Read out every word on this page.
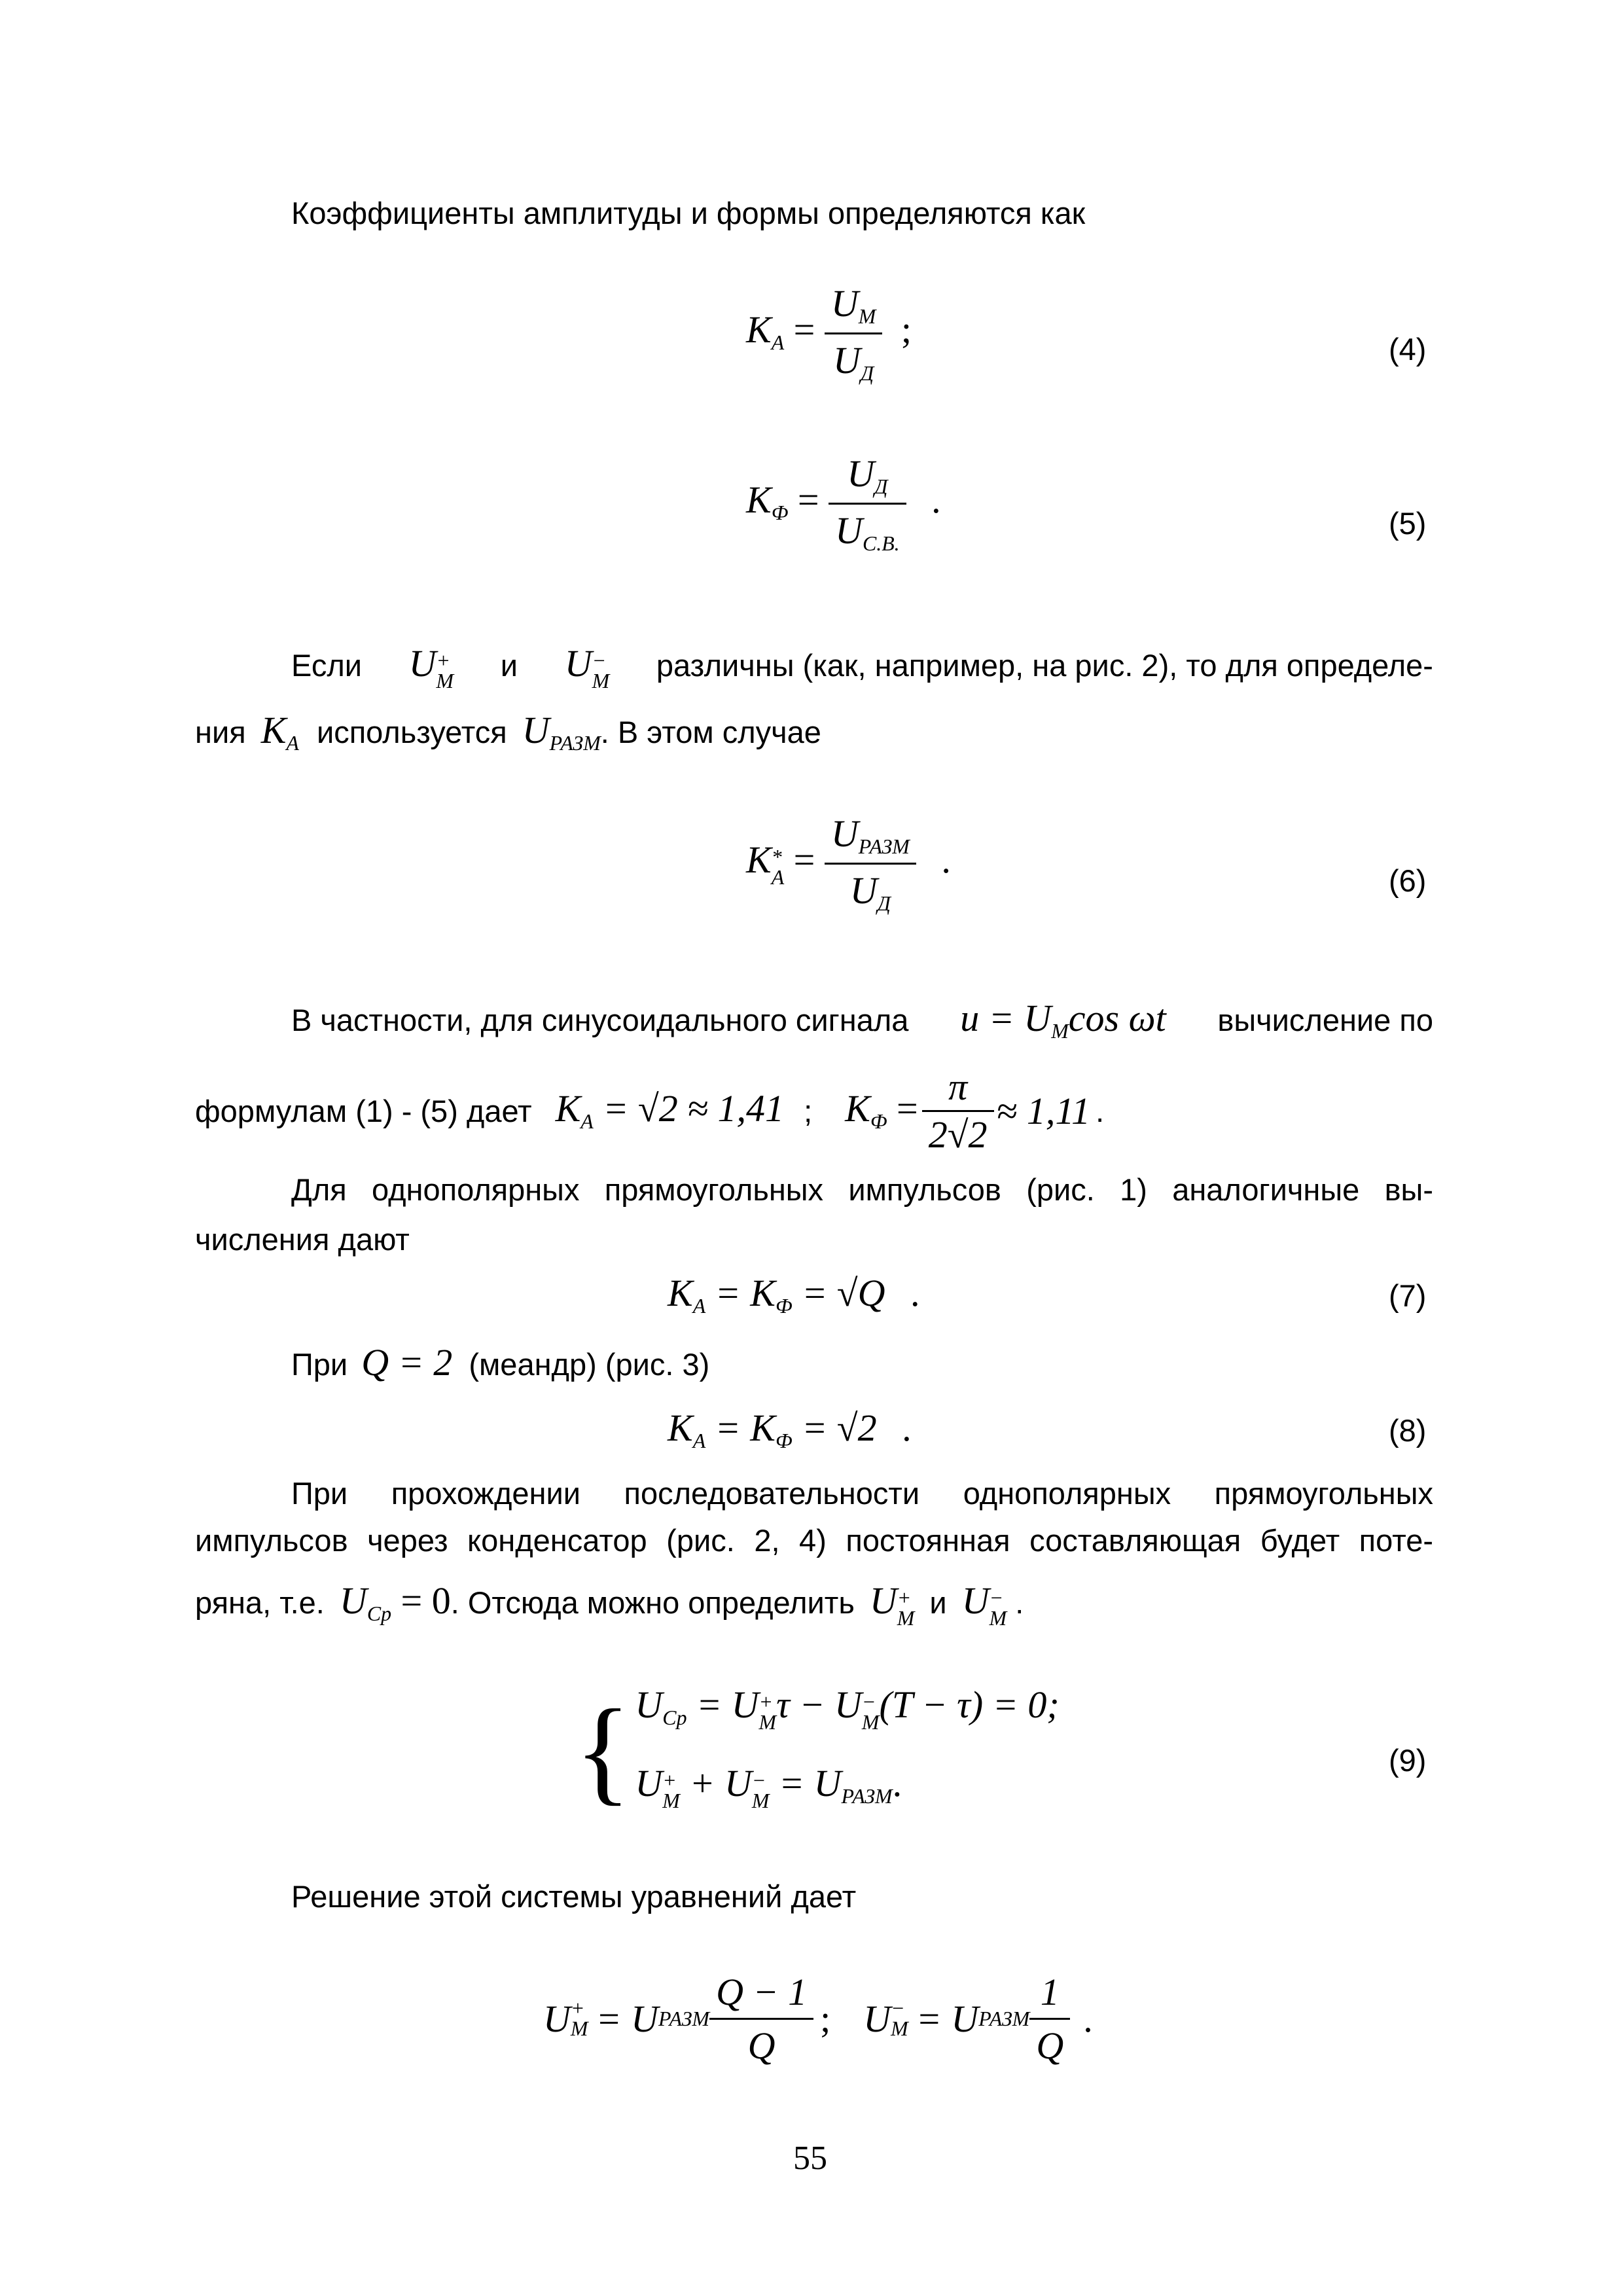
Коэффициенты амплитуды и формы определяются как
$K_А = \frac{U_М}{U_Д}$ ;	(4)
$K_Ф = \frac{U_Д}{U_{С.В.}}$ .
(5)
Если U+
М и U−
М различны (как, например, на рис. 2), то для определе-
ния $K_А$ используется $U_{РАЗМ}$. В этом случае
K*
$А = \frac{U_{РАЗМ}}{U_Д}$ .	(6)
В частности, для синусоидального сигнала $u = U_М\cos$ ωt вычисление по
формулам (1) - (5) дает $K_А = √2 \approx 1,41$ ; $K_Ф = \frac{\pi}{2√2} \approx 1,11$ .
Для однополярных прямоугольных импульсов (рис. 1) аналогичные вы-
числения дают
$K_А = K_Ф = √Q$ .	(7)
При Q = 2 (меандр) (рис. 3)
$K_А = K_Ф = √2$ .	(8)
При прохождении последовательности однополярных прямоугольных
импульсов через конденсатор (рис. 2, 4) постоянная составляющая будет поте-
ряна, т.е. $U_{Ср} = 0$. Отсюда можно определить U+
М и U−
М .
{ $U_{Ср} = U+$
Мτ − U−
М(T − τ) = 0;
U+
М + U−
$М = U_{РАЗМ}$.
(9)
Решение этой системы уравнений дает
U +
М = U РАЗМ $\frac{Q - 1}{Q}$ ; U −
М = U РАЗМ $\frac{1}{Q}$ .
55
